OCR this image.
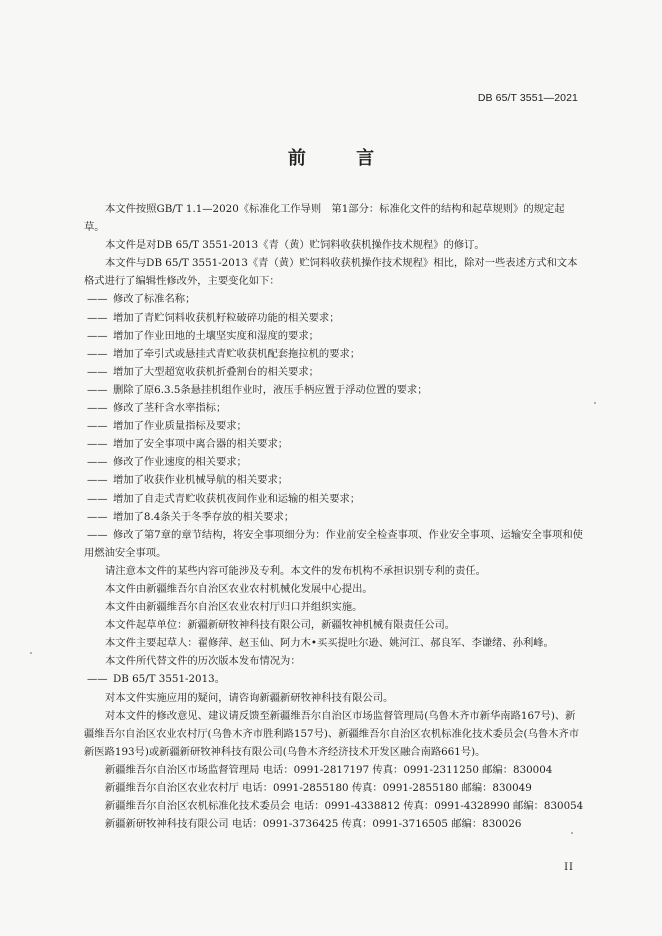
DB 65/T 3551—2021
前 言

本文件按照GB/T 1.1—2020《标准化工作导则　第1部分：标准化文件的结构和起草规则》的规定起草。

本文件是对DB 65/T 3551-2013《青（黄）贮饲料收获机操作技术规程》的修订。

本文件与DB 65/T 3551-2013《青（黄）贮饲料收获机操作技术规程》相比，除对一些表述方式和文本格式进行了编辑性修改外，主要变化如下：

—— 修改了标准名称；

—— 增加了青贮饲料收获机籽粒破碎功能的相关要求；

—— 增加了作业田地的土壤坚实度和湿度的要求；

—— 增加了牵引式或悬挂式青贮收获机配套拖拉机的要求；

—— 增加了大型超宽收获机折叠割台的相关要求；

—— 删除了原6.3.5条悬挂机组作业时，液压手柄应置于浮动位置的要求；

—— 修改了茎秆含水率指标；

—— 增加了作业质量指标及要求；

—— 增加了安全事项中离合器的相关要求；

—— 修改了作业速度的相关要求；

—— 增加了收获作业机械导航的相关要求；

—— 增加了自走式青贮收获机夜间作业和运输的相关要求；

—— 增加了8.4条关于冬季存放的相关要求；

—— 修改了第7章的章节结构，将安全事项细分为：作业前安全检查事项、作业安全事项、运输安全事项和使用燃油安全事项。

请注意本文件的某些内容可能涉及专利。本文件的发布机构不承担识别专利的责任。

本文件由新疆维吾尔自治区农业农村机械化发展中心提出。

本文件由新疆维吾尔自治区农业农村厅归口并组织实施。

本文件起草单位：新疆新研牧神科技有限公司，新疆牧神机械有限责任公司。

本文件主要起草人：翟修萍、赵玉仙、阿力木•买买提吐尔逊、姚河江、郝良军、李谦绪、孙利峰。

本文件所代替文件的历次版本发布情况为：

—— DB 65/T 3551-2013。

对本文件实施应用的疑问，请咨询新疆新研牧神科技有限公司。

对本文件的修改意见、建议请反馈至新疆维吾尔自治区市场监督管理局(乌鲁木齐市新华南路167号)、新疆维吾尔自治区农业农村厅(乌鲁木齐市胜利路157号)、新疆维吾尔自治区农机标准化技术委员会(乌鲁木齐市新医路193号)或新疆新研牧神科技有限公司(乌鲁木齐经济技术开发区融合南路661号)。

新疆维吾尔自治区市场监督管理局 电话：0991-2817197 传真：0991-2311250 邮编：830004

新疆维吾尔自治区农业农村厅 电话：0991-2855180 传真：0991-2855180 邮编：830049

新疆维吾尔自治区农机标准化技术委员会 电话：0991-4338812 传真：0991-4328990 邮编：830054

新疆新研牧神科技有限公司 电话：0991-3736425 传真：0991-3716505 邮编：830026

II
